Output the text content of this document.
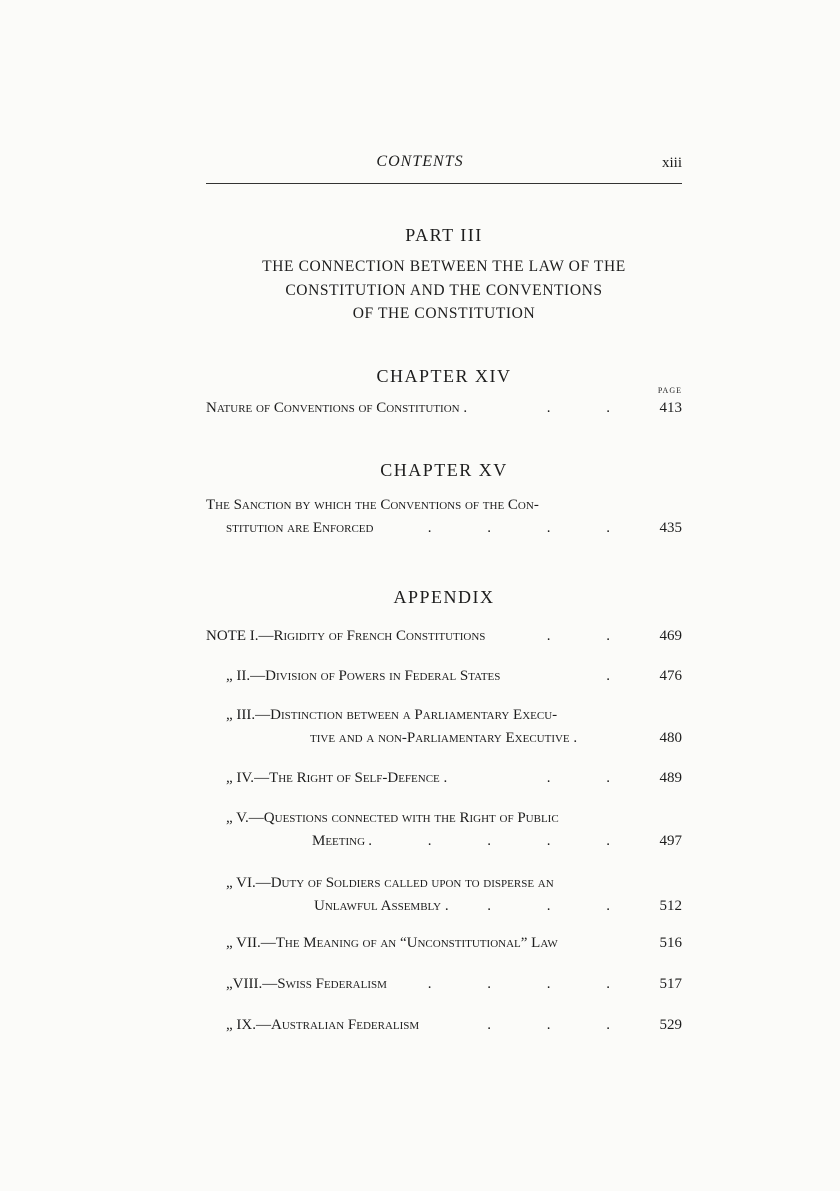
CONTENTS	xiii
PART III
THE CONNECTION BETWEEN THE LAW OF THE
CONSTITUTION AND THE CONVENTIONS
OF THE CONSTITUTION
CHAPTER XIV
PAGE
Nature of Conventions of Constitution .	. .	413
CHAPTER XV
The Sanction by which the Conventions of the Con-
stitution are Enforced	. . . .	435
APPENDIX
NOTE I. —Rigidity of French Constitutions	. .	469
„ II. —Division of Powers in Federal States	.	476
„ III. —Distinction between a Parliamentary Execu-
tive and a non-Parliamentary Executive .	480
„ IV. —The Right of Self-Defence .	. .	489
„ V. —Questions connected with the Right of Public
Meeting . . . . .	497
„ VI. —Duty of Soldiers called upon to disperse an
Unlawful Assembly .	. . .	512
„ VII. —The Meaning of an “Unconstitutional” Law	516
„VIII. —Swiss Federalism	. . . .	517
„ IX. —Australian Federalism	. . .	529
